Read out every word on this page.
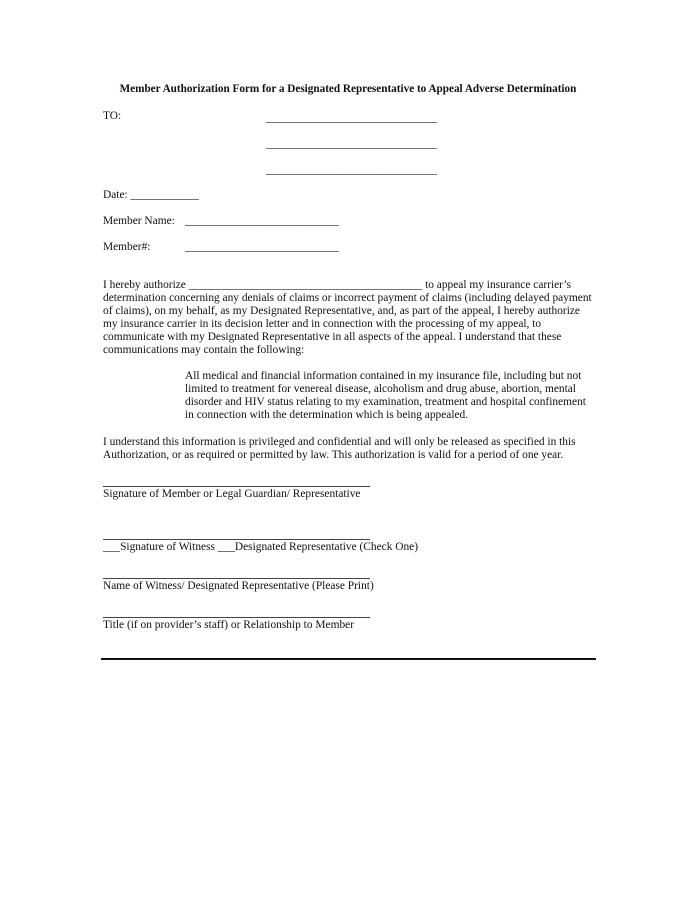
Member Authorization Form for a Designated Representative to Appeal Adverse Determination
TO:	______________________________
______________________________
______________________________
Date: ____________
Member Name: ___________________________
Member#:	___________________________
I hereby authorize _________________________________________ to appeal my insurance carrier’s
determination concerning any denials of claims or incorrect payment of claims (including delayed payment
of claims), on my behalf, as my Designated Representative, and, as part of the appeal, I hereby authorize
my insurance carrier in its decision letter and in connection with the processing of my appeal, to
communicate with my Designated Representative in all aspects of the appeal. I understand that these
communications may contain the following:
All medical and financial information contained in my insurance file, including but not
limited to treatment for venereal disease, alcoholism and drug abuse, abortion, mental
disorder and HIV status relating to my examination, treatment and hospital confinement
in connection with the determination which is being appealed.
I understand this information is privileged and confidential and will only be released as specified in this
Authorization, or as required or permitted by law. This authorization is valid for a period of one year.
Signature of Member or Legal Guardian/ Representative
___Signature of Witness ___Designated Representative (Check One)
Name of Witness/ Designated Representative (Please Print)
Title (if on provider’s staff) or Relationship to Member
